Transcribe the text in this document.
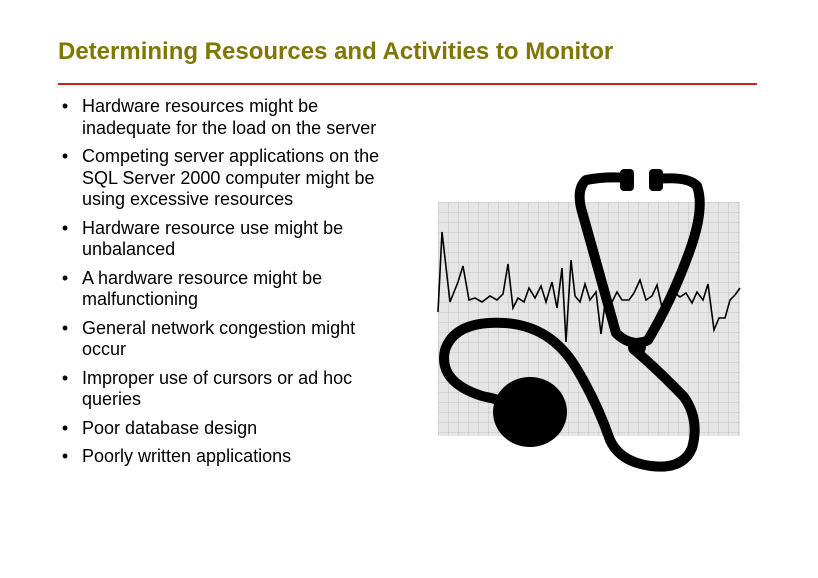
Determining Resources and Activities to Monitor
• Hardware resources might be inadequate for the load on the server
• Competing server applications on the SQL Server 2000 computer might be using excessive resources
• Hardware resource use might be unbalanced
• A hardware resource might be malfunctioning
• General network congestion might occur
• Improper use of cursors or ad hoc queries
• Poor database design
• Poorly written applications
